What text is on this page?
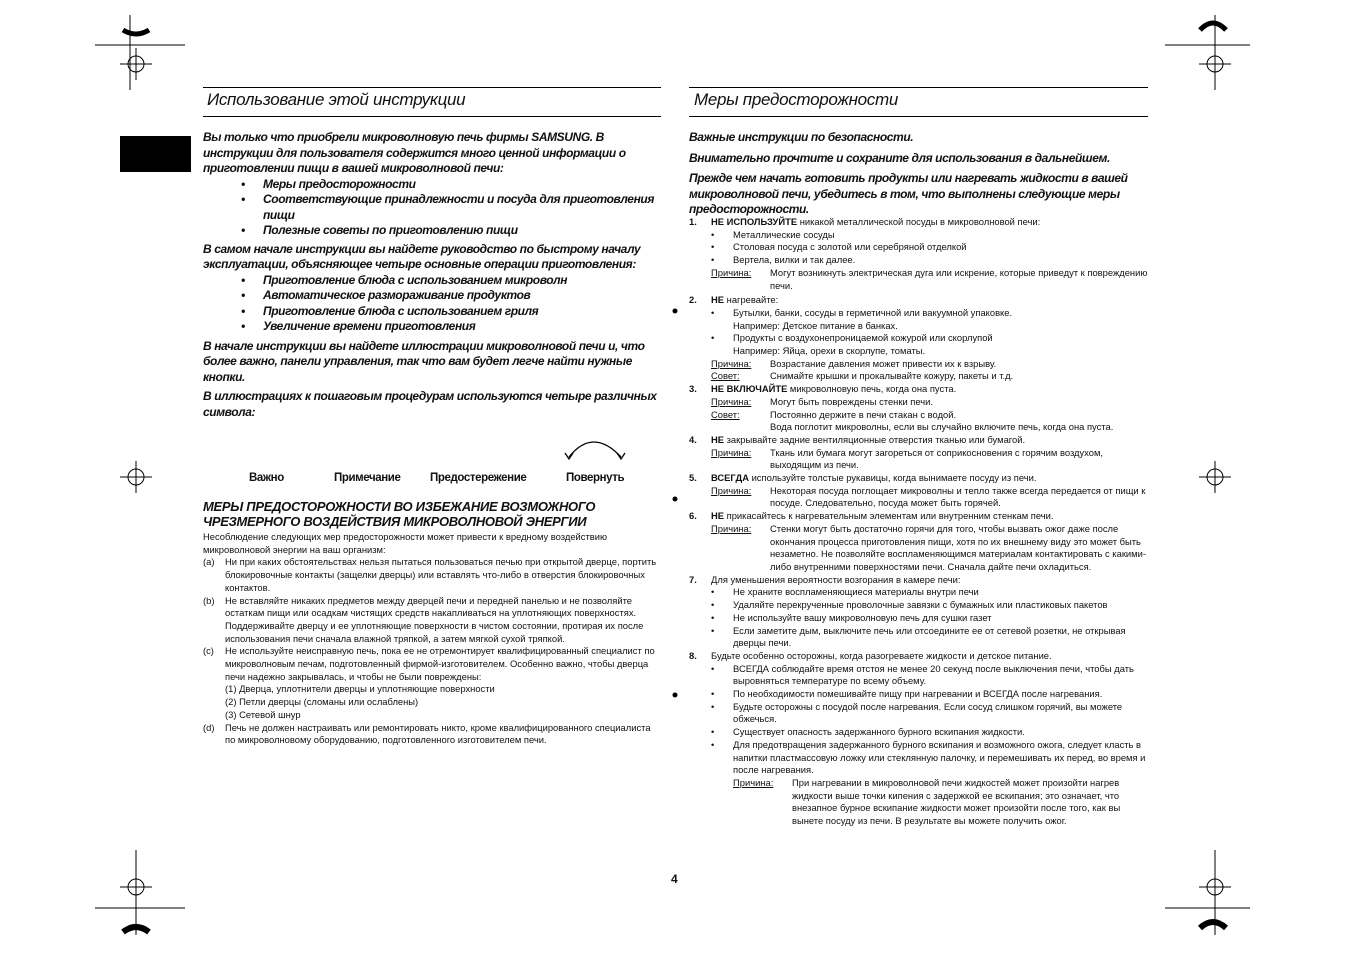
Использование этой инструкции
Вы только что приобрели микроволновую печь фирмы SAMSUNG. В инструкции для пользователя содержится много ценной информации о приготовлении пищи в вашей микроволновой печи:
• Меры предосторожности
• Соответствующие принадлежности и посуда для приготовления пищи
• Полезные советы по приготовлению пищи
В самом начале инструкции вы найдете руководство по быстрому началу эксплуатации, объясняющее четыре основные операции приготовления:
• Приготовление блюда с использованием микроволн
• Автоматическое размораживание продуктов
• Приготовление блюда с использованием гриля
• Увеличение времени приготовления
В начале инструкции вы найдете иллюстрации микроволновой печи и, что более важно, панели управления, так что вам будет легче найти нужные кнопки.
В иллюстрациях к пошаговым процедурам используются четыре различных символа:
Важно	Примечание	Предостережение	Повернуть
МЕРЫ ПРЕДОСТОРОЖНОСТИ ВО ИЗБЕЖАНИЕ ВОЗМОЖНОГО ЧРЕЗМЕРНОГО ВОЗДЕЙСТВИЯ МИКРОВОЛНОВОЙ ЭНЕРГИИ
Несоблюдение следующих мер предосторожности может привести к вредному воздействию микроволновой энергии на ваш организм:
(a)	Ни при каких обстоятельствах нельзя пытаться пользоваться печью при открытой дверце, портить блокировочные контакты (защелки дверцы) или вставлять что-либо в отверстия блокировочных контактов.
(b)	Не вставляйте никаких предметов между дверцей печи и передней панелью и не позволяйте остаткам пищи или осадкам чистящих средств накапливаться на уплотняющих поверхностях. Поддерживайте дверцу и ее уплотняющие поверхности в чистом состоянии, протирая их после использования печи сначала влажной тряпкой, а затем мягкой сухой тряпкой.
(c)	Не используйте неисправную печь, пока ее не отремонтирует квалифицированный специалист по микроволновым печам, подготовленный фирмой-изготовителем. Особенно важно, чтобы дверца печи надежно закрывалась, и чтобы не были повреждены:
(1) Дверца, уплотнители дверцы и уплотняющие поверхности
(2) Петли дверцы (сломаны или ослаблены)
(3) Сетевой шнур
(d)	Печь не должен настраивать или ремонтировать никто, кроме квалифицированного специалиста по микроволновому оборудованию, подготовленного изготовителем печи.
Меры предосторожности
Важные инструкции по безопасности.
Внимательно прочтите и сохраните для использования в дальнейшем.
Прежде чем начать готовить продукты или нагревать жидкости в вашей микроволновой печи, убедитесь в том, что выполнены следующие меры предосторожности.
1.	НЕ ИСПОЛЬЗУЙТЕ никакой металлической посуды в микроволновой печи:
•	Металлические сосуды
•	Столовая посуда с золотой или серебряной отделкой
•	Вертела, вилки и так далее.
Причина:	Могут возникнуть электрическая дуга или искрение, которые приведут к повреждению печи.
2.	НЕ нагревайте:
•	Бутылки, банки, сосуды в герметичной или вакуумной упаковке.
Например: Детское питание в банках.
•	Продукты с воздухонепроницаемой кожурой или скорлупой
Например: Яйца, орехи в скорлупе, томаты.
Причина:	Возрастание давления может привести их к взрыву.
Совет:	Снимайте крышки и прокалывайте кожуру, пакеты и т.д.
3.	НЕ ВКЛЮЧАЙТЕ микроволновую печь, когда она пуста.
Причина:	Могут быть повреждены стенки печи.
Совет:	Постоянно держите в печи стакан с водой.
Вода поглотит микроволны, если вы случайно включите печь, когда она пуста.
4.	НЕ закрывайте задние вентиляционные отверстия тканью или бумагой.
Причина:	Ткань или бумага могут загореться от соприкосновения с горячим воздухом, выходящим из печи.
5.	ВСЕГДА используйте толстые рукавицы, когда вынимаете посуду из печи.
Причина:	Некоторая посуда поглощает микроволны и тепло также всегда передается от пищи к посуде. Следовательно, посуда может быть горячей.
6.	НЕ прикасайтесь к нагревательным элементам или внутренним стенкам печи.
Причина:	Стенки могут быть достаточно горячи для того, чтобы вызвать ожог даже после окончания процесса приготовления пищи, хотя по их внешнему виду это может быть незаметно. Не позволяйте воспламеняющимся материалам контактировать с какими-либо внутренними поверхностями печи. Сначала дайте печи охладиться.
7.	Для уменьшения вероятности возгорания в камере печи:
•	Не храните воспламеняющиеся материалы внутри печи
•	Удаляйте перекрученные проволочные завязки с бумажных или пластиковых пакетов
•	Не используйте вашу микроволновую печь для сушки газет
•	Если заметите дым, выключите печь или отсоедините ее от сетевой розетки, не открывая дверцы печи.
8.	Будьте особенно осторожны, когда разогреваете жидкости и детское питание.
•	ВСЕГДА соблюдайте время отстоя не менее 20 секунд после выключения печи, чтобы дать выровняться температуре по всему объему.
•	По необходимости помешивайте пищу при нагревании и ВСЕГДА после нагревания.
•	Будьте осторожны с посудой после нагревания. Если сосуд слишком горячий, вы можете обжечься.
•	Существует опасность задержанного бурного вскипания жидкости.
•	Для предотвращения задержанного бурного вскипания и возможного ожога, следует класть в напитки пластмассовую ложку или стеклянную палочку, и перемешивать их перед, во время и после нагревания.
Причина:	При нагревании в микроволновой печи жидкостей может произойти нагрев жидкости выше точки кипения с задержкой ее вскипания; это означает, что внезапное бурное вскипание жидкости может произойти после того, как вы вынете посуду из печи. В результате вы можете получить ожог.
4
